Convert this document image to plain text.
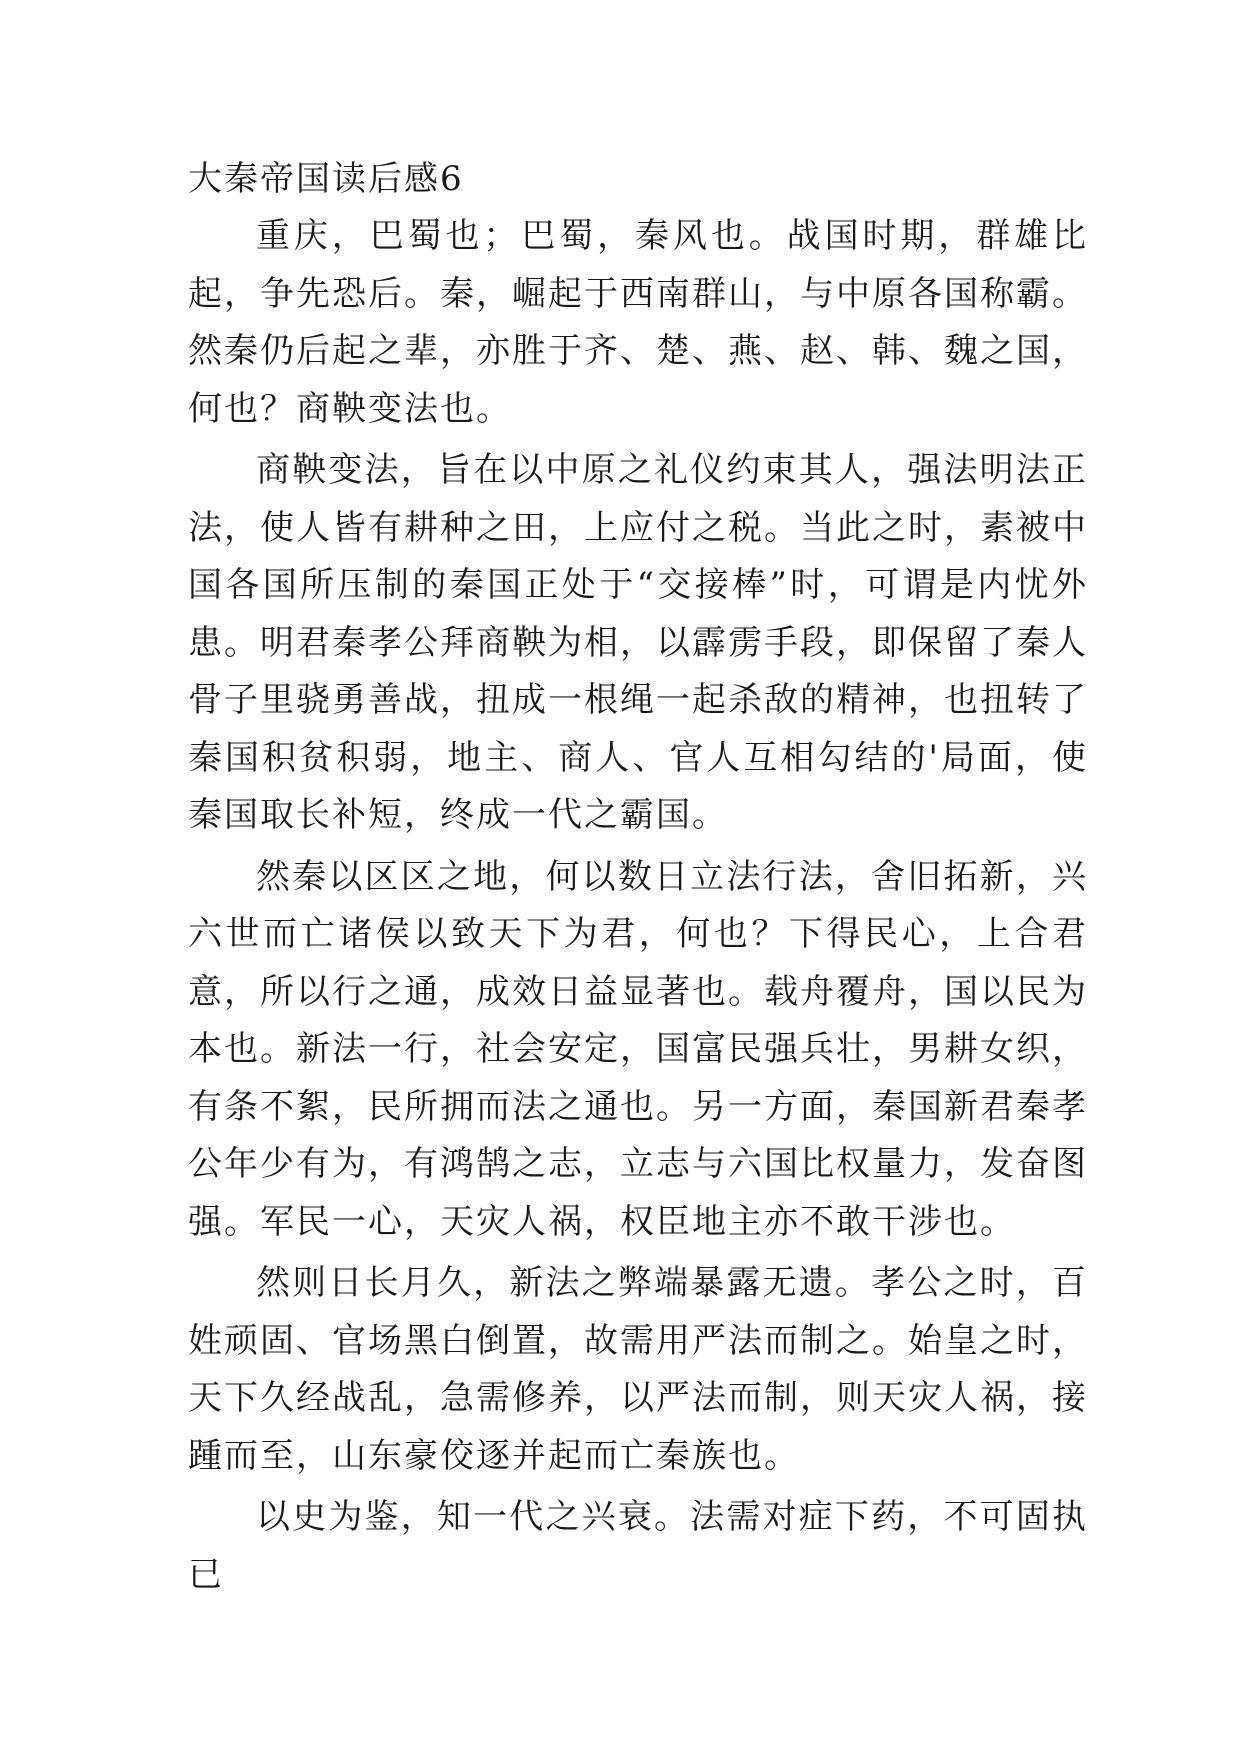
大秦帝国读后感6

重庆，巴蜀也；巴蜀，秦风也。战国时期，群雄比起，争先恐后。秦，崛起于西南群山，与中原各国称霸。然秦仍后起之辈，亦胜于齐、楚、燕、赵、韩、魏之国，何也？商鞅变法也。

商鞅变法，旨在以中原之礼仪约束其人，强法明法正法，使人皆有耕种之田，上应付之税。当此之时，素被中国各国所压制的秦国正处于“交接棒”时，可谓是内忧外患。明君秦孝公拜商鞅为相，以霹雳手段，即保留了秦人骨子里骁勇善战，扭成一根绳一起杀敌的精神，也扭转了秦国积贫积弱，地主、商人、官人互相勾结的'局面，使秦国取长补短，终成一代之霸国。

然秦以区区之地，何以数日立法行法，舍旧拓新，兴六世而亡诸侯以致天下为君，何也？下得民心，上合君意，所以行之通，成效日益显著也。载舟覆舟，国以民为本也。新法一行，社会安定，国富民强兵壮，男耕女织，有条不絮，民所拥而法之通也。另一方面，秦国新君秦孝公年少有为，有鸿鹄之志，立志与六国比权量力，发奋图强。军民一心，天灾人祸，权臣地主亦不敢干涉也。

然则日长月久，新法之弊端暴露无遗。孝公之时，百姓顽固、官场黑白倒置，故需用严法而制之。始皇之时，天下久经战乱，急需修养，以严法而制，则天灾人祸，接踵而至，山东豪佼逐并起而亡秦族也。

以史为鉴，知一代之兴衰。法需对症下药，不可固执已
